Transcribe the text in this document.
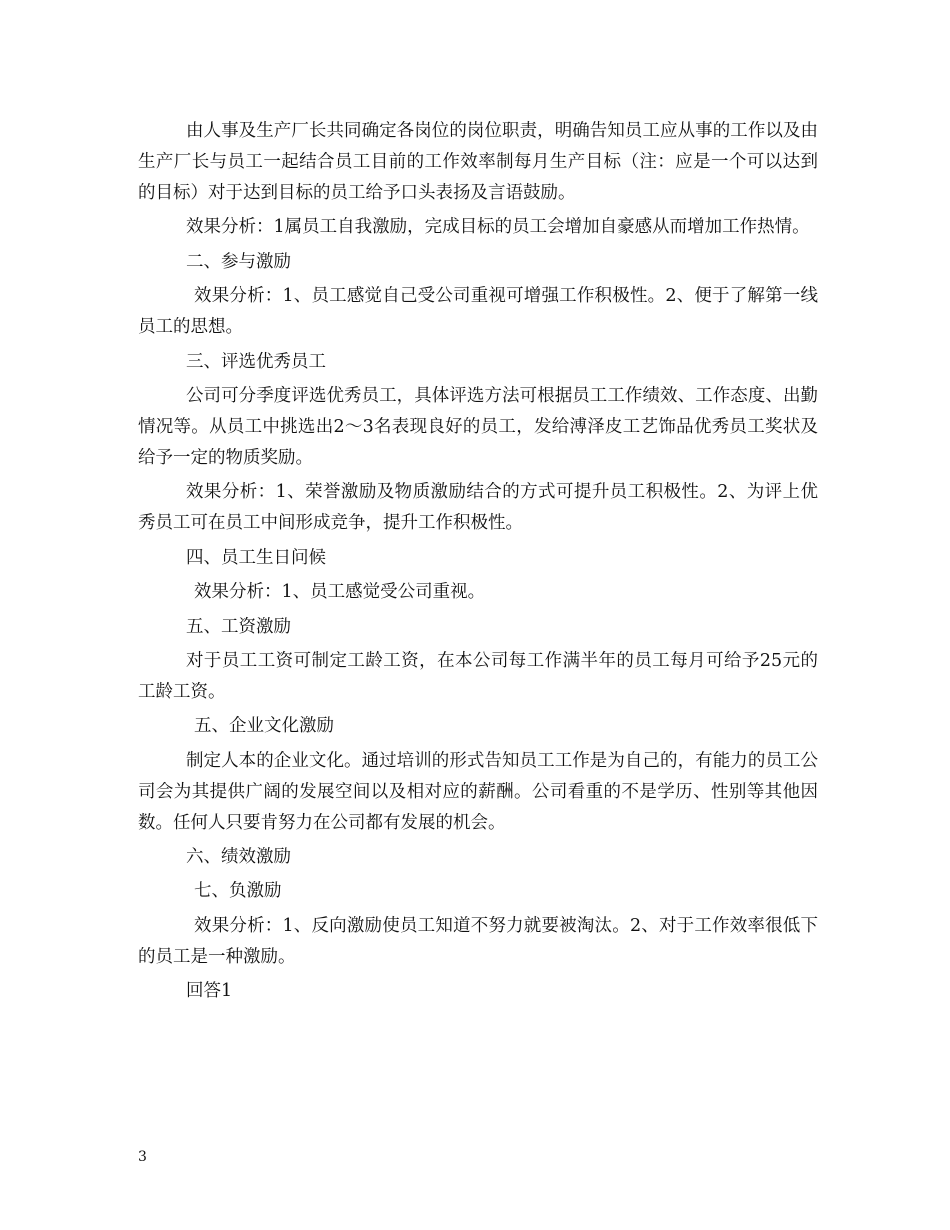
由人事及生产厂长共同确定各岗位的岗位职责，明确告知员工应从事的工作以及由生产厂长与员工一起结合员工目前的工作效率制每月生产目标（注：应是一个可以达到的目标）对于达到目标的员工给予口头表扬及言语鼓励。

效果分析：1属员工自我激励，完成目标的员工会增加自豪感从而增加工作热情。

二、参与激励

效果分析：1、员工感觉自己受公司重视可增强工作积极性。2、便于了解第一线员工的思想。

三、评选优秀员工

公司可分季度评选优秀员工，具体评选方法可根据员工工作绩效、工作态度、出勤情况等。从员工中挑选出2～3名表现良好的员工，发给溥泽皮工艺饰品优秀员工奖状及给予一定的物质奖励。

效果分析：1、荣誉激励及物质激励结合的方式可提升员工积极性。2、为评上优秀员工可在员工中间形成竞争，提升工作积极性。

四、员工生日问候

效果分析：1、员工感觉受公司重视。

五、工资激励

对于员工工资可制定工龄工资，在本公司每工作满半年的员工每月可给予25元的工龄工资。

五、企业文化激励

制定人本的企业文化。通过培训的形式告知员工工作是为自己的，有能力的员工公司会为其提供广阔的发展空间以及相对应的薪酬。公司看重的不是学历、性别等其他因数。任何人只要肯努力在公司都有发展的机会。

六、绩效激励

七、负激励

效果分析：1、反向激励使员工知道不努力就要被淘汰。2、对于工作效率很低下的员工是一种激励。

回答1

3
